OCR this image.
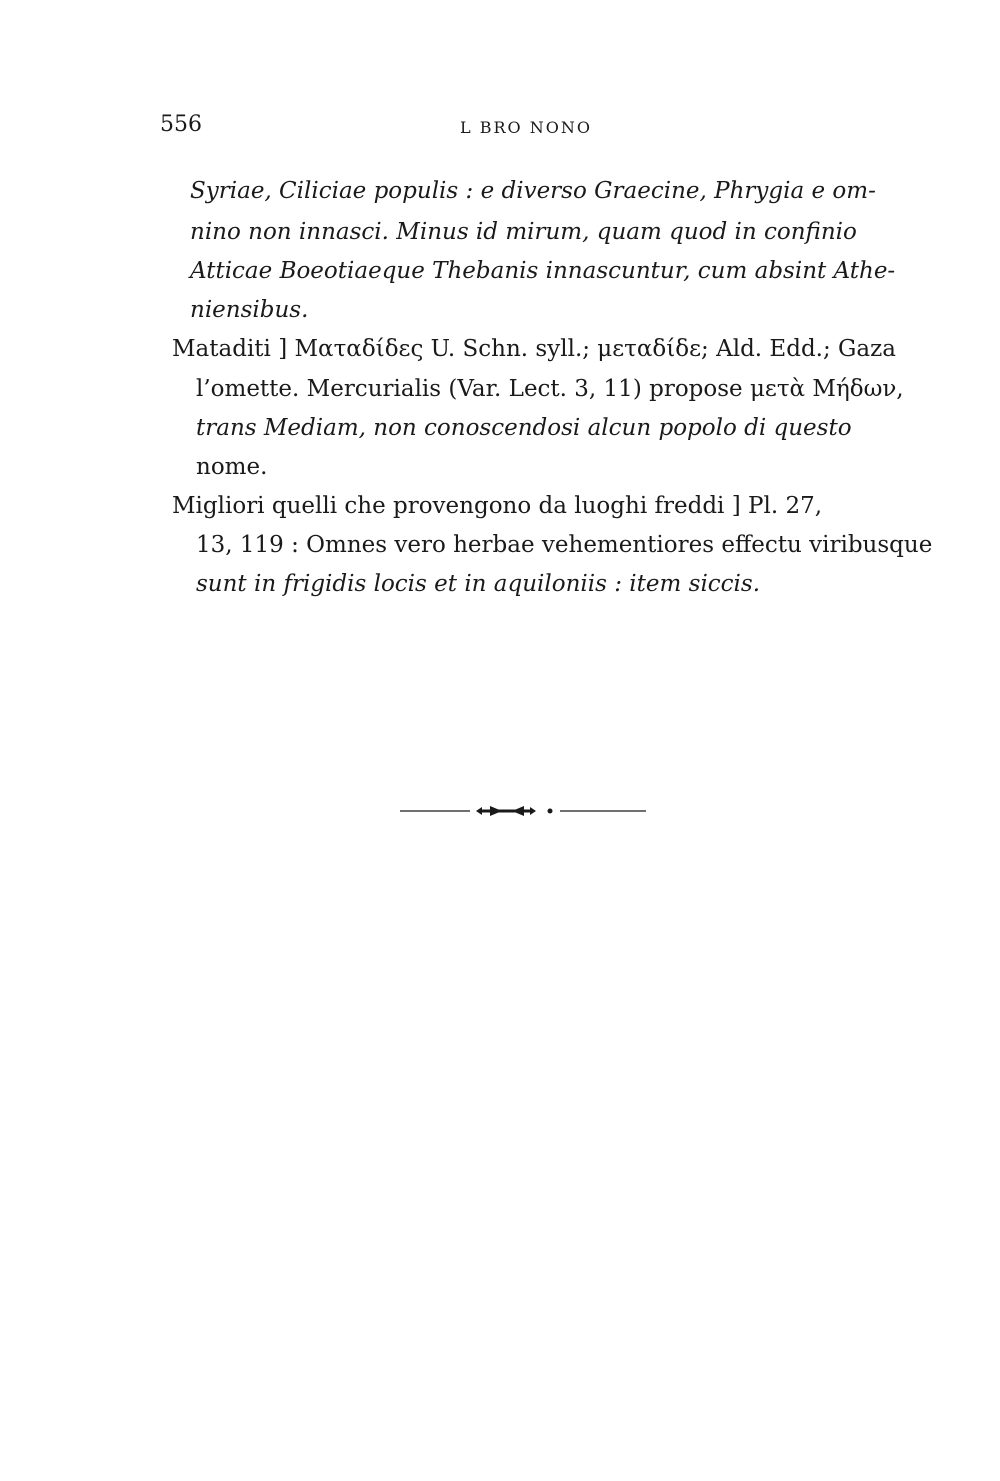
556	L BRO NONO
Syriae, Ciliciae populis : e diverso Graecine, Phrygia e om-
nino non innasci. Minus id mirum, quam quod in confinio
Atticae Boeotiaeque Thebanis innascuntur, cum absint Athe-
niensibus.
Mataditi ] Ματαδίδες U. Schn. syll.; μεταδίδε; Ald. Edd.; Gaza
l’omette. Mercurialis (Var. Lect. 3, 11) propose μετὰ Μήδων,
trans Mediam, non conoscendosi alcun popolo di questo
nome.
Migliori quelli che provengono da luoghi freddi ] Pl. 27,
13, 119 : Omnes vero herbae vehementiores effectu viribusque
sunt in frigidis locis et in aquiloniis : item siccis.
